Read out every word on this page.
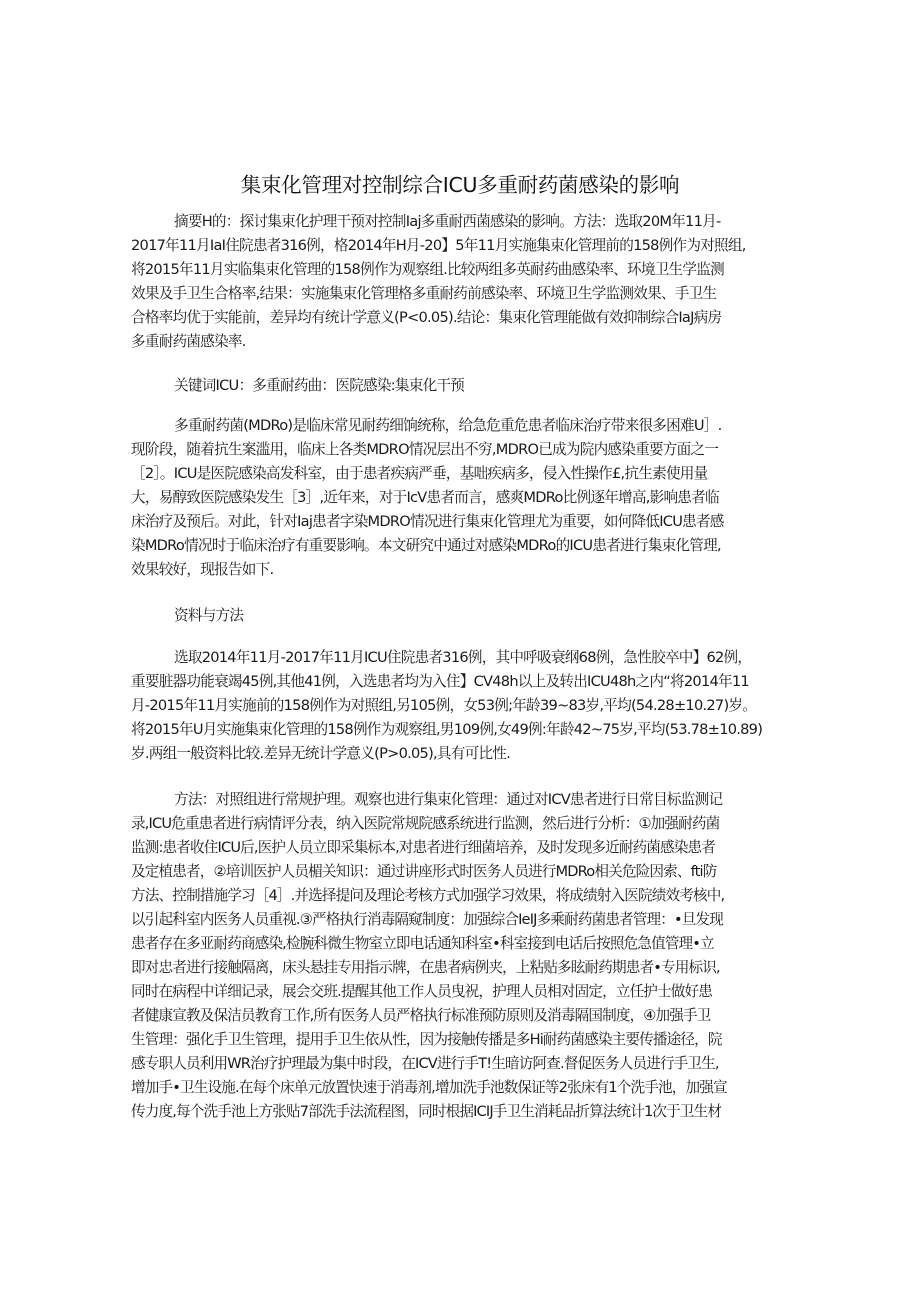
集束化管理对控制综合ICU多重耐药菌感染的影响
摘要H的：探讨集束化护理干预对控制Iaj多重耐西菌感染的影响。方法：选取20M年11月-
2017年11月IaI住院患者316例，格2014年H月-20】5年11月实施集束化管理前的158例作为对照组,
将2015年11月实临集束化管理的158例作为观察组.比较两组多英耐药曲感染率、环境卫生学监测
效果及手卫生合格率,结果：实施集束化管理格多重耐药前感染率、环境卫生学监测效果、手卫生
合格率均优于实能前，差异均有统计学意义(P<0.05).结论：集束化管理能做有效抑制综合IaJ病房
多重耐药菌感染率.
关键词ICU：多重耐药曲：医院感染:集束化干预
多重耐药菌(MDRo)是临床常见耐药细饷统称，给急危重危患者临床治疗带来很多困难U］.
现阶段，随着抗生案滥用，临床上各类MDRO情况层出不穷,MDRO已成为院内感染重要方面之一
［2］。ICU是医院感染高发科室，由于患者疾病严垂，基咄疾病多，侵入性操作£,抗生素使用量
大，易醇致医院感染发生［3］,近年来，对于IcV患者而言，感爽MDRo比例逐年增高,影响患者临
床治疗及预后。对此，针对Iaj患者字染MDRO情况进行集束化管理尤为重要，如何降低ICU患者感
染MDRo情况时于临床治疗有重要影响。本文研究中通过对感染MDRo的ICU患者进行集束化管理,
效果较好，现报告如下.
资料与方法
选取2014年11月-2017年11月ICU住院患者316例，其中呼吸衰纲68例，急性胶卒中】62例，
重要脏器功能衰竭45例,其他41例，入选患者均为入住】CV48h以上及转出ICU48h之内“将2014年11
月-2015年11月实施前的158例作为对照组,另105例，女53例;年龄39~83岁,平均(54.28±10.27)岁。
将2015年U月实施集束化管理的158例作为观察组,男109例,女49例:年龄42~75岁,平均(53.78±10.89)
岁.两组一般资料比较.差异无统计学意义(P>0.05),具有可比性.
方法：对照组进行常规护理。观察也进行集束化管理：通过对ICV患者进行日常目标监测记
录,ICU危重患者进行病情评分表，纳入医院常规院感系统进行监测，然后进行分析：①加强耐药菌
监测:患者收住ICU后,医护人员立即采集标本,对患者进行细菌培养，及时发现多近耐药菌感染患者
及定植患者，②培训医护人员楣关知识：通过讲座形式时医务人员进行MDRo相关危险因索、fti防
方法、控制措施学习［4］.并选择提问及理论考核方式加强学习效果，将成绩射入医院绩效考核中,
以引起科室内医务人员重视.③严格执行消毒隔窥制度：加强综合IeIJ多乘耐药菌患者管理：•旦发现
患者存在多亚耐药商感染,检腕科微生物室立即电话通知科室•科室接到电话后按照危急值管理•立
即对忠者进行接触隔离，床头悬挂专用指示牌，在患者病例夹，上粘贴多眩耐药期患者•专用标识,
同时在病程中详细记录，展会交班.提醒其他工作人员曳祝，护理人员相对固定，立任护士做好患
者健康宣教及保洁员教育工作,所有医务人员严格执行标准预防原则及消毒隔国制度，④加强手卫
生管理：强化手卫生管理，提用手卫生依从性，因为接触传播是多Hi耐药菌感染主要传播途径，院
感专职人员利用WR治疗护理最为集中时段，在ICV进行手T!生暗访阿查.督促医务人员进行手卫生,
增加手•卫生设施.在每个床单元放置快速于消毒剂,增加洗手池数保证等2张床有1个洗手池，加强宣
传力度,每个洗手池上方张贴7部洗手法流程图，同时根据ICIJ手卫生消耗品折算法统计1次于卫生材
